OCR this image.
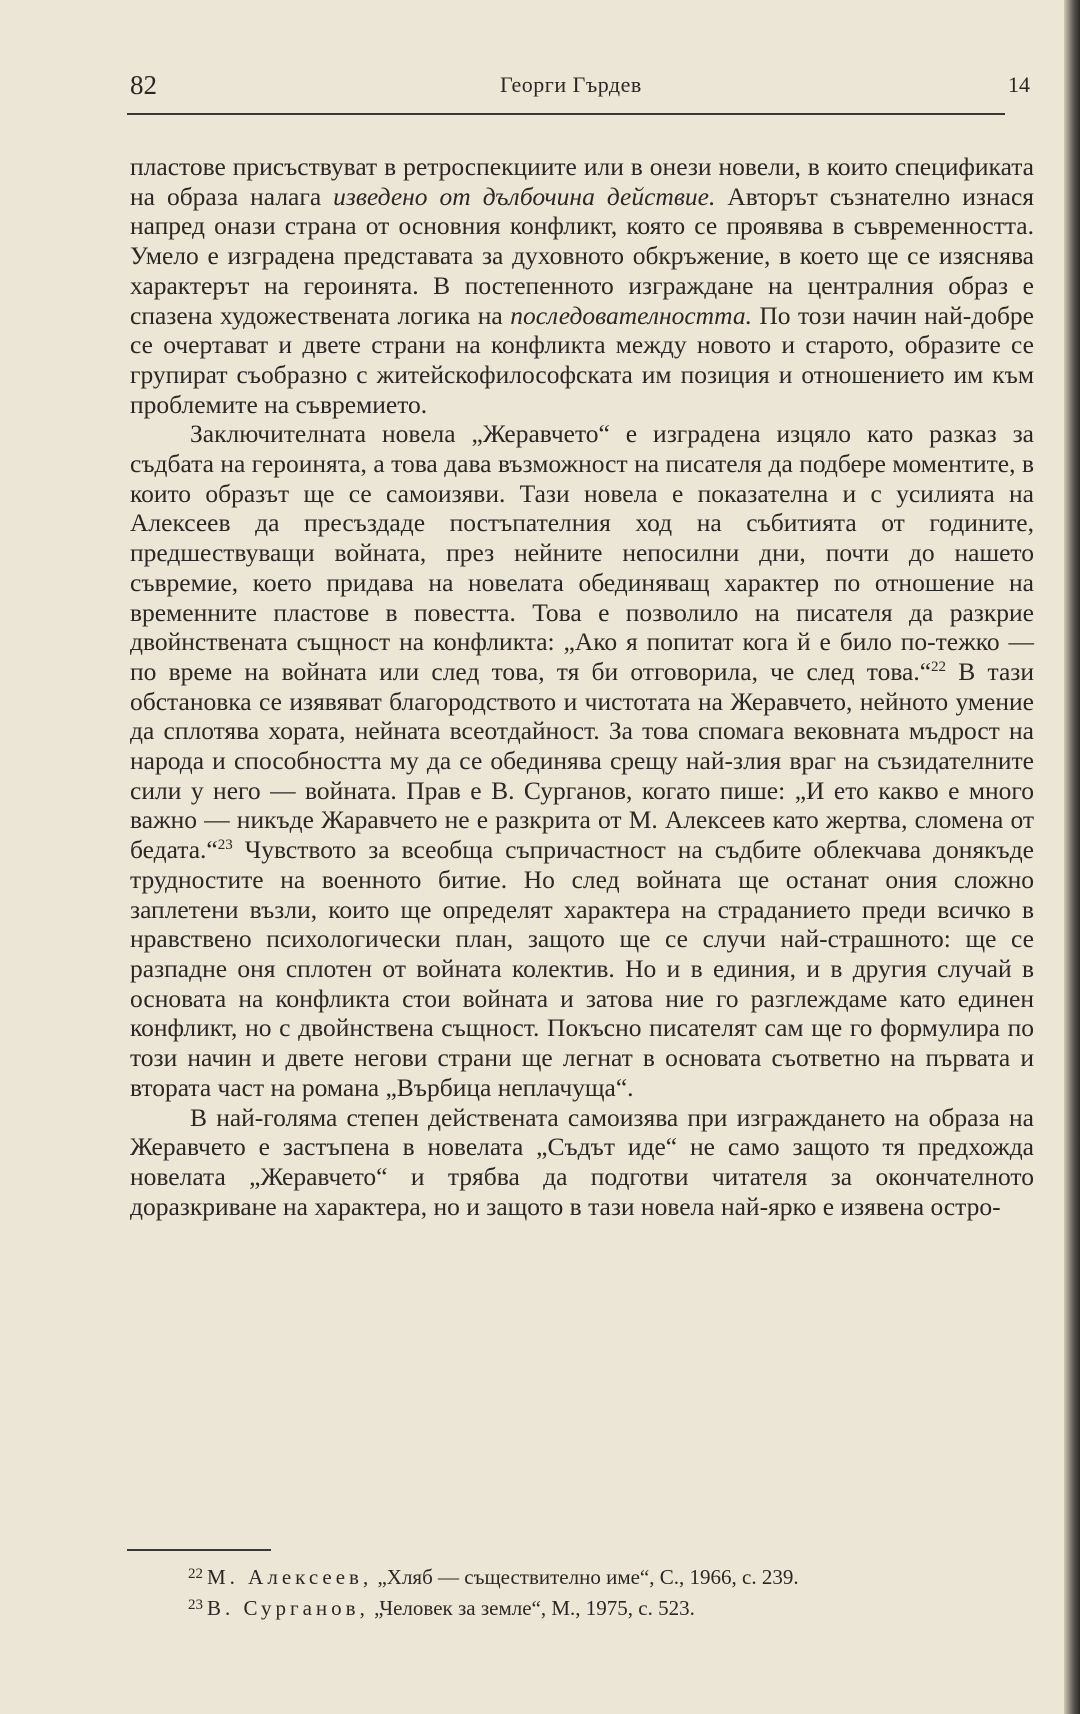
82	Георги Гърдев	14

пластове присъствуват в ретроспекциите или в онези новели, в които спецификата на образа налага изведено от дълбочина действие. Авторът съзнателно изнася напред онази страна от основния конфликт, която се проявява в съвременността. Умело е изградена представата за духовното обкръжение, в което ще се изяснява характерът на героинята. В постепенното изграждане на централния образ е спазена художествената логика на последователността. По този начин най-добре се очертават и двете страни на конфликта между новото и старото, образите се групират съобразно с житейскофилософската им позиция и отношението им към проблемите на съвремието.

Заключителната новела „Жеравчето“ е изградена изцяло като разказ за съдбата на героинята, а това дава възможност на писателя да подбере моментите, в които образът ще се самоизяви. Тази новела е показателна и с усилията на Алексеев да пресъздаде постъпателния ход на събитията от годините, предшествуващи войната, през нейните непосилни дни, почти до нашето съвремие, което придава на новелата обединяващ характер по отношение на временните пластове в повестта. Това е позволило на писателя да разкрие двойнствената същност на конфликта: „Ако я попитат кога й е било по-тежко — по време на войната или след това, тя би отговорила, че след това.“$^{22}$ В тази обстановка се изявяват благородството и чистотата на Жеравчето, нейното умение да сплотява хората, нейната всеотдайност. За това спомага вековната мъдрост на народа и способността му да се обединява срещу най-злия враг на съзидателните сили у него — войната. Прав е В. Сурганов, когато пише: „И ето какво е много важно — никъде Жаравчето не е разкрита от М. Алексеев като жертва, сломена от бедата.“$^{23}$ Чувството за всеобща съпричастност на съдбите облекчава донякъде трудностите на военното битие. Но след войната ще останат ония сложно заплетени възли, които ще определят характера на страданието преди всичко в нравствено психологически план, защото ще се случи най-страшното: ще се разпадне оня сплотен от войната колектив. Но и в единия, и в другия случай в основата на конфликта стои войната и затова ние го разглеждаме като единен конфликт, но с двойнствена същност. Покъсно писателят сам ще го формулира по този начин и двете негови страни ще легнат в основата съответно на първата и втората част на романа „Върбица неплачуща“.

В най-голяма степен действената самоизява при изграждането на образа на Жеравчето е застъпена в новелата „Съдът иде“ не само защото тя предхожда новелата „Жеравчето“ и трябва да подготви читателя за окончателното доразкриване на характера, но и защото в тази новела най-ярко е изявена остро-

$^{22}$ М. Алексеев, „Хляб — съществително име“, С., 1966, с. 239.
$^{23}$ В. Сурганов, „Человек за земле“, М., 1975, с. 523.
